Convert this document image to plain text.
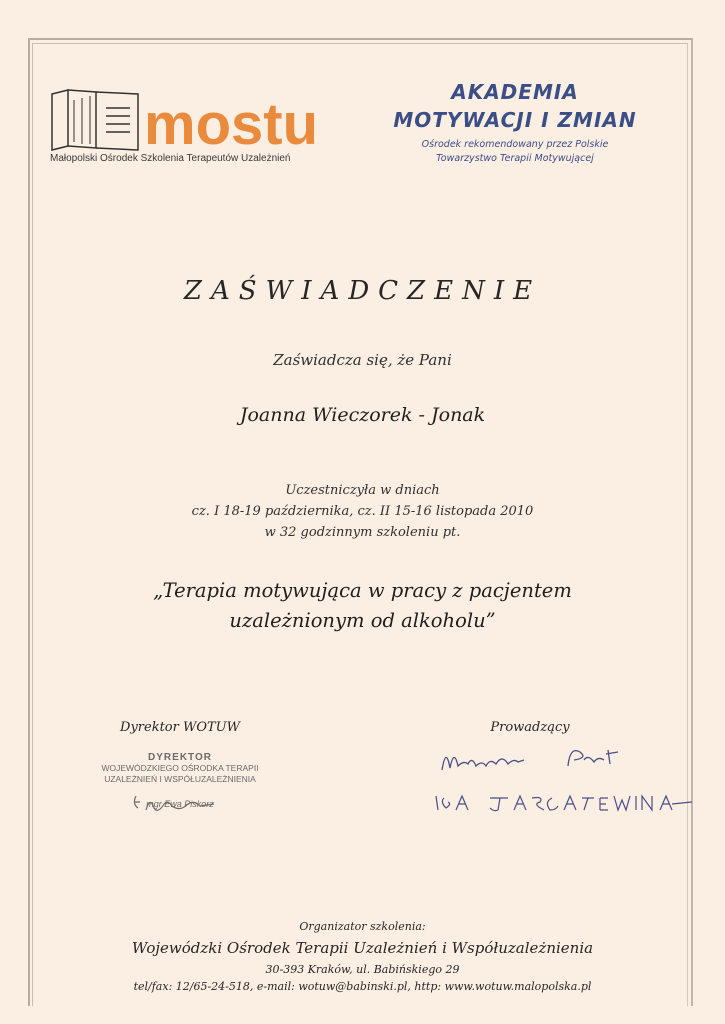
mostu
Małopolski Ośrodek Szkolenia Terapeutów Uzależnień
AKADEMIA
MOTYWACJI I ZMIAN
Ośrodek rekomendowany przez Polskie
Towarzystwo Terapii Motywującej
ZAŚWIADCZENIE
Zaświadcza się, że Pani
Joanna Wieczorek - Jonak
Uczestniczyła w dniach
cz. I 18-19 października, cz. II 15-16 listopada 2010
w 32 godzinnym szkoleniu pt.
„Terapia motywująca w pracy z pacjentem
uzależnionym od alkoholu”
Dyrektor WOTUW
DYREKTOR
WOJEWÓDZKIEGO OŚRODKA TERAPII
UZALEŻNIEŃ I WSPÓŁUZALEŻNIENIA
mgr Ewa Piskorz
Prowadzący
Organizator szkolenia:
Wojewódzki Ośrodek Terapii Uzależnień i Współuzależnienia
30-393 Kraków, ul. Babińskiego 29
tel/fax: 12/65-24-518, e-mail: wotuw@babinski.pl, http: www.wotuw.malopolska.pl
